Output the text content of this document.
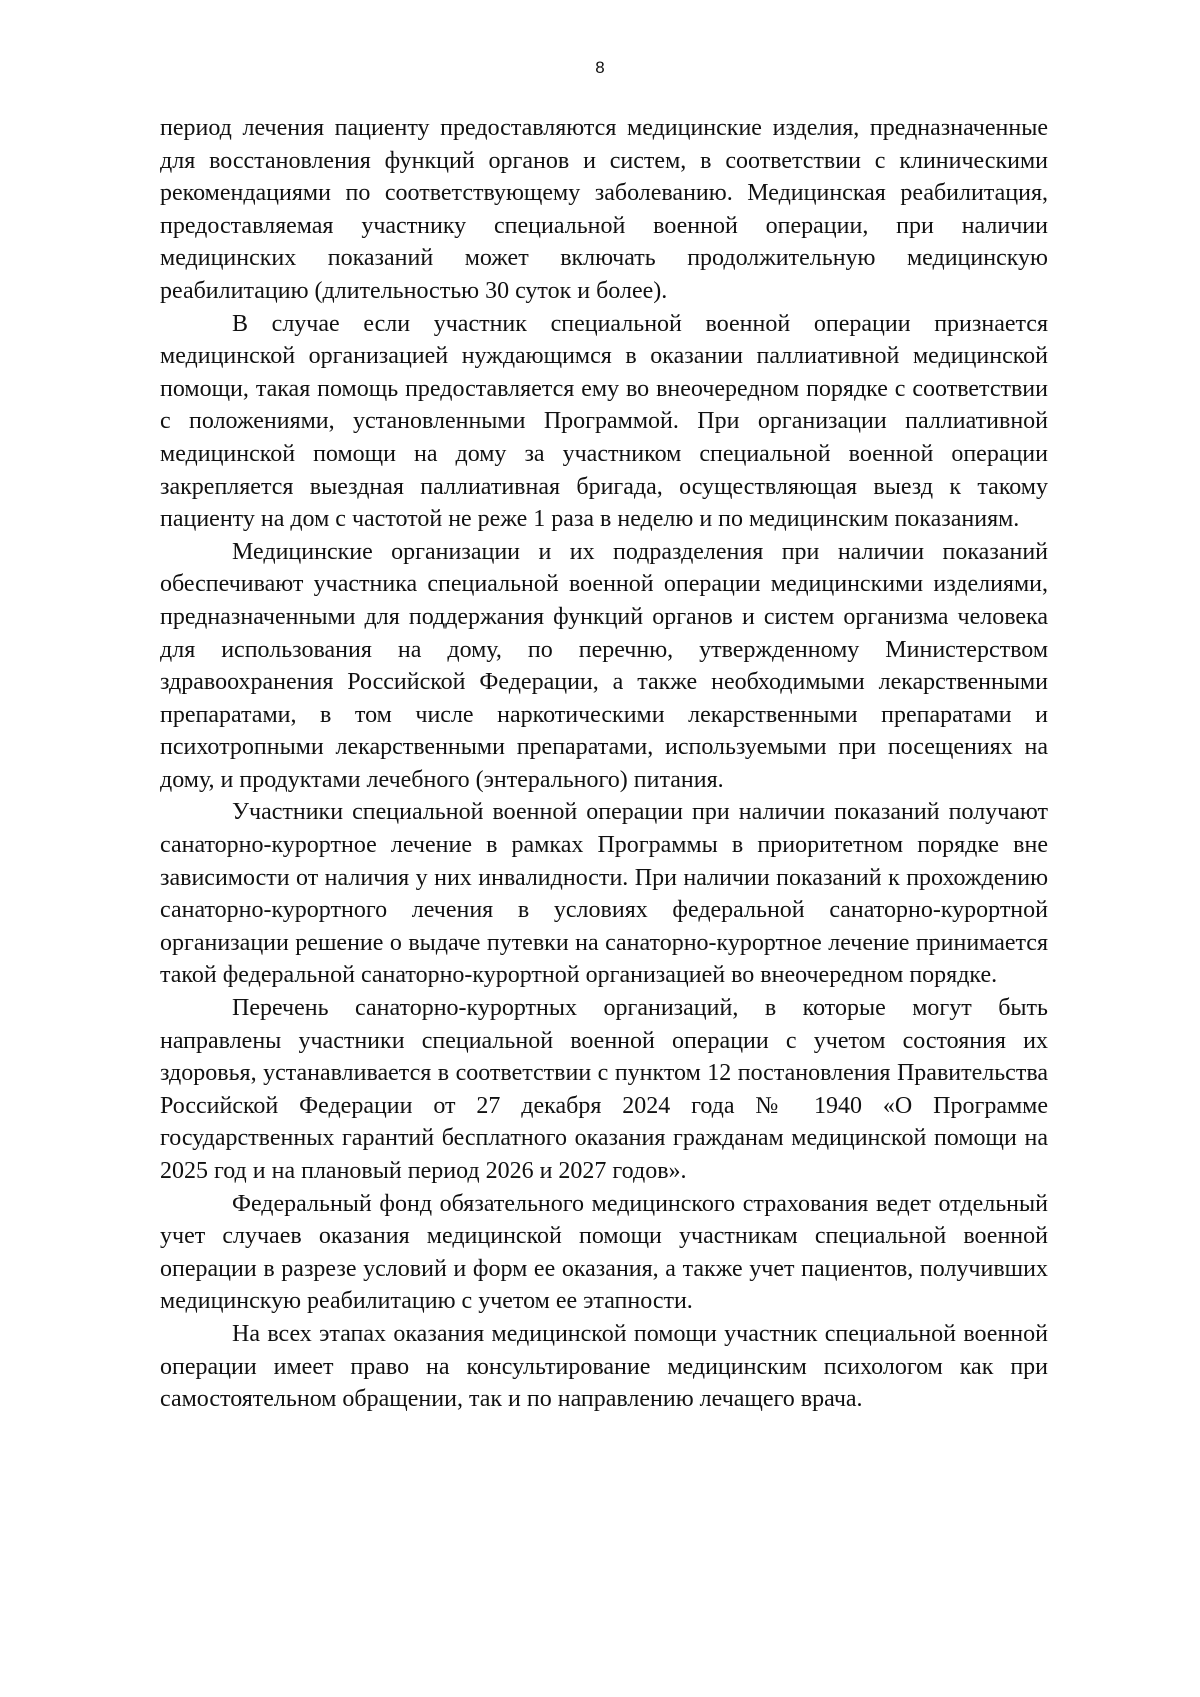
8

период лечения пациенту предоставляются медицинские изделия, предназначенные для восстановления функций органов и систем, в соответствии с клиническими рекомендациями по соответствующему заболеванию. Медицинская реабилитация, предоставляемая участнику специальной военной операции, при наличии медицинских показаний может включать продолжительную медицинскую реабилитацию (длительностью 30 суток и более).

В случае если участник специальной военной операции признается медицинской организацией нуждающимся в оказании паллиативной медицинской помощи, такая помощь предоставляется ему во внеочередном порядке с соответствии с положениями, установленными Программой. При организации паллиативной медицинской помощи на дому за участником специальной военной операции закрепляется выездная паллиативная бригада, осуществляющая выезд к такому пациенту на дом с частотой не реже 1 раза в неделю и по медицинским показаниям.

Медицинские организации и их подразделения при наличии показаний обеспечивают участника специальной военной операции медицинскими изделиями, предназначенными для поддержания функций органов и систем организма человека для использования на дому, по перечню, утвержденному Министерством здравоохранения Российской Федерации, а также необходимыми лекарственными препаратами, в том числе наркотическими лекарственными препаратами и психотропными лекарственными препаратами, используемыми при посещениях на дому, и продуктами лечебного (энтерального) питания.

Участники специальной военной операции при наличии показаний получают санаторно-курортное лечение в рамках Программы в приоритетном порядке вне зависимости от наличия у них инвалидности. При наличии показаний к прохождению санаторно-курортного лечения в условиях федеральной санаторно-курортной организации решение о выдаче путевки на санаторно-курортное лечение принимается такой федеральной санаторно-курортной организацией во внеочередном порядке.

Перечень санаторно-курортных организаций, в которые могут быть направлены участники специальной военной операции с учетом состояния их здоровья, устанавливается в соответствии с пунктом 12 постановления Правительства Российской Федерации от 27 декабря 2024 года № 1940 «О Программе государственных гарантий бесплатного оказания гражданам медицинской помощи на 2025 год и на плановый период 2026 и 2027 годов».

Федеральный фонд обязательного медицинского страхования ведет отдельный учет случаев оказания медицинской помощи участникам специальной военной операции в разрезе условий и форм ее оказания, а также учет пациентов, получивших медицинскую реабилитацию с учетом ее этапности.

На всех этапах оказания медицинской помощи участник специальной военной операции имеет право на консультирование медицинским психологом как при самостоятельном обращении, так и по направлению лечащего врача.
